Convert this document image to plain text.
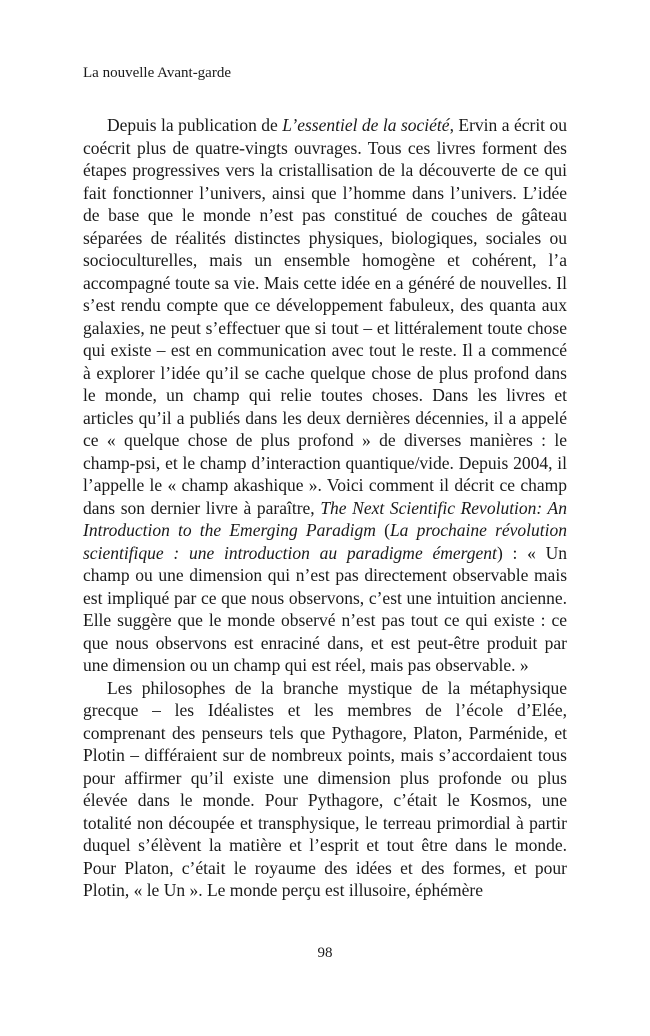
La nouvelle Avant-garde

Depuis la publication de L’essentiel de la société, Ervin a écrit ou coécrit plus de quatre-vingts ouvrages. Tous ces livres forment des étapes progressives vers la cristallisation de la découverte de ce qui fait fonctionner l’univers, ainsi que l’homme dans l’univers. L’idée de base que le monde n’est pas constitué de couches de gâteau séparées de réalités distinctes physiques, biologiques, sociales ou socioculturelles, mais un ensemble homogène et cohérent, l’a accompagné toute sa vie. Mais cette idée en a généré de nouvelles. Il s’est rendu compte que ce développement fabuleux, des quanta aux galaxies, ne peut s’effectuer que si tout – et littéralement toute chose qui existe – est en communication avec tout le reste. Il a commencé à explorer l’idée qu’il se cache quelque chose de plus profond dans le monde, un champ qui relie toutes choses. Dans les livres et articles qu’il a publiés dans les deux dernières décennies, il a appelé ce « quelque chose de plus profond » de diverses manières : le champ-psi, et le champ d’interaction quantique/vide. Depuis 2004, il l’appelle le « champ akashique ». Voici comment il décrit ce champ dans son dernier livre à paraître, The Next Scientific Revolution: An Introduction to the Emerging Paradigm (La prochaine révolution scientifique : une introduction au paradigme émergent) : « Un champ ou une dimension qui n’est pas directement observable mais est impliqué par ce que nous observons, c’est une intuition ancienne. Elle suggère que le monde observé n’est pas tout ce qui existe : ce que nous observons est enraciné dans, et est peut-être produit par une dimension ou un champ qui est réel, mais pas observable. »

Les philosophes de la branche mystique de la métaphysique grecque – les Idéalistes et les membres de l’école d’Elée, comprenant des penseurs tels que Pythagore, Platon, Parménide, et Plotin – différaient sur de nombreux points, mais s’accordaient tous pour affirmer qu’il existe une dimension plus profonde ou plus élevée dans le monde. Pour Pythagore, c’était le Kosmos, une totalité non découpée et transphysique, le terreau primordial à partir duquel s’élèvent la matière et l’esprit et tout être dans le monde. Pour Platon, c’était le royaume des idées et des formes, et pour Plotin, « le Un ». Le monde perçu est illusoire, éphémère

98
